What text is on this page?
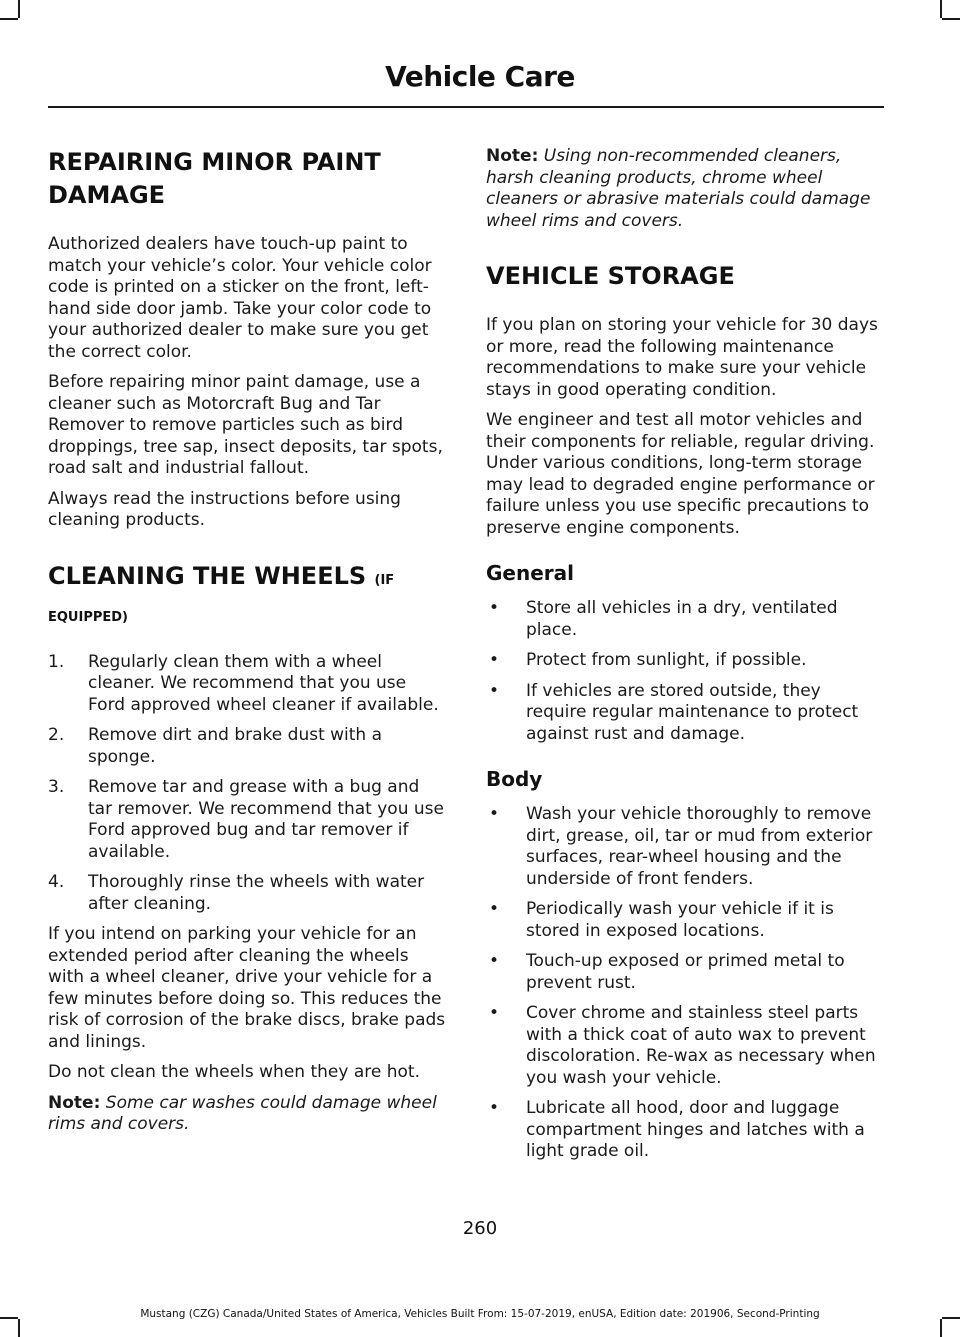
Vehicle Care
REPAIRING MINOR PAINT
DAMAGE

Authorized dealers have touch-up paint to match your vehicle’s color. Your vehicle color code is printed on a sticker on the front, left-hand side door jamb. Take your color code to your authorized dealer to make sure you get the correct color.

Before repairing minor paint damage, use a cleaner such as Motorcraft Bug and Tar Remover to remove particles such as bird droppings, tree sap, insect deposits, tar spots, road salt and industrial fallout.

Always read the instructions before using cleaning products.

CLEANING THE WHEELS (IF
EQUIPPED)
1. Regularly clean them with a wheel cleaner. We recommend that you use Ford approved wheel cleaner if available.
2. Remove dirt and brake dust with a sponge.
3. Remove tar and grease with a bug and tar remover. We recommend that you use Ford approved bug and tar remover if available.
4. Thoroughly rinse the wheels with water after cleaning.

If you intend on parking your vehicle for an extended period after cleaning the wheels with a wheel cleaner, drive your vehicle for a few minutes before doing so. This reduces the risk of corrosion of the brake discs, brake pads and linings.

Do not clean the wheels when they are hot.

Note: Some car washes could damage wheel rims and covers.

Note: Using non-recommended cleaners, harsh cleaning products, chrome wheel cleaners or abrasive materials could damage wheel rims and covers.

VEHICLE STORAGE

If you plan on storing your vehicle for 30 days or more, read the following maintenance recommendations to make sure your vehicle stays in good operating condition.

We engineer and test all motor vehicles and their components for reliable, regular driving. Under various conditions, long-term storage may lead to degraded engine performance or failure unless you use specific precautions to preserve engine components.

General
• Store all vehicles in a dry, ventilated place.
• Protect from sunlight, if possible.
• If vehicles are stored outside, they require regular maintenance to protect against rust and damage.
Body
• Wash your vehicle thoroughly to remove dirt, grease, oil, tar or mud from exterior surfaces, rear-wheel housing and the underside of front fenders.
• Periodically wash your vehicle if it is stored in exposed locations.
• Touch-up exposed or primed metal to prevent rust.
• Cover chrome and stainless steel parts with a thick coat of auto wax to prevent discoloration. Re-wax as necessary when you wash your vehicle.
• Lubricate all hood, door and luggage compartment hinges and latches with a light grade oil.
260
Mustang (CZG) Canada/United States of America, Vehicles Built From: 15-07-2019, enUSA, Edition date: 201906, Second-Printing
